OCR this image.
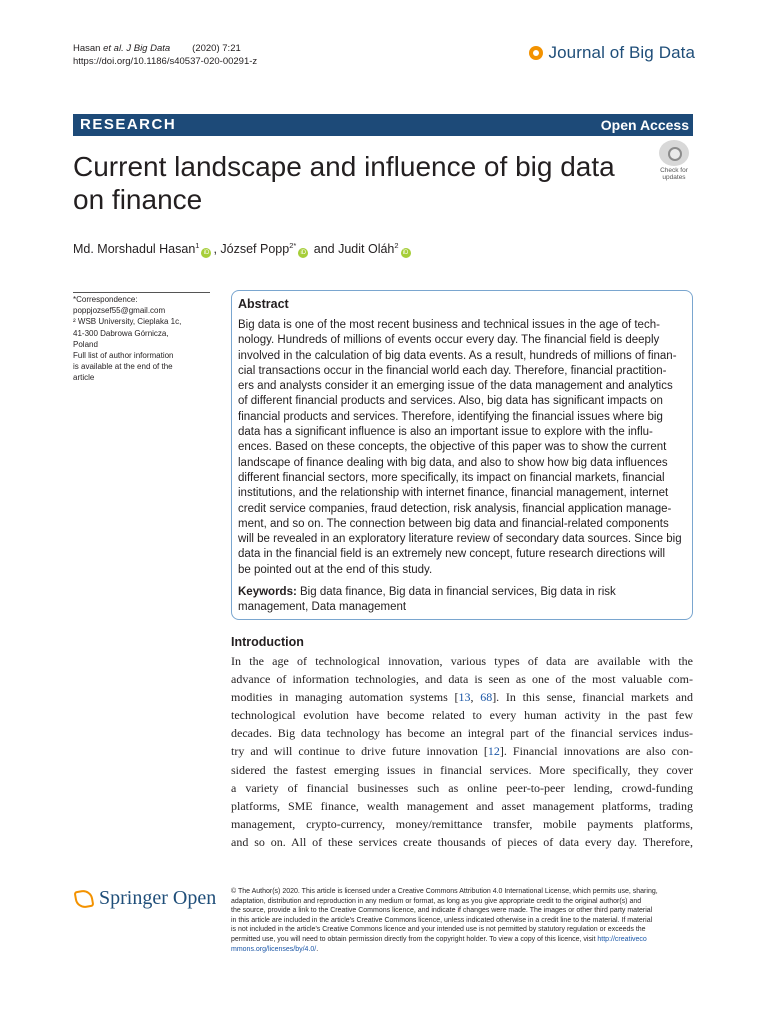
Hasan et al. J Big Data (2020) 7:21
https://doi.org/10.1186/s40537-020-00291-z	Journal of Big Data
RESEARCH	Open Access
Current landscape and influence of big data
on finance
Check for
updates
Md. Morshadul Hasan$^1$iD , József Popp$^{2*}$iD and Judit Oláh$^2$iD

*Correspondence:

poppjozsef55@gmail.com

² WSB University, Cieplaka 1c,

41-300 Dabrowa Górnicza,

Poland

Full list of author information

is available at the end of the

article

Abstract
Big data is one of the most recent business and technical issues in the age of tech-
nology. Hundreds of millions of events occur every day. The financial field is deeply
involved in the calculation of big data events. As a result, hundreds of millions of finan-
cial transactions occur in the financial world each day. Therefore, financial practition-
ers and analysts consider it an emerging issue of the data management and analytics
of different financial products and services. Also, big data has significant impacts on
financial products and services. Therefore, identifying the financial issues where big
data has a significant influence is also an important issue to explore with the influ-
ences. Based on these concepts, the objective of this paper was to show the current
landscape of finance dealing with big data, and also to show how big data influences
different financial sectors, more specifically, its impact on financial markets, financial
institutions, and the relationship with internet finance, financial management, internet
credit service companies, fraud detection, risk analysis, financial application manage-
ment, and so on. The connection between big data and financial-related components
will be revealed in an exploratory literature review of secondary data sources. Since big
data in the financial field is an extremely new concept, future research directions will
be pointed out at the end of this study.
Keywords: Big data finance, Big data in financial services, Big data in risk
management, Data management
Introduction
In the age of technological innovation, various types of data are available with the
advance of information technologies, and data is seen as one of the most valuable com-
modities in managing automation systems [13, 68]. In this sense, financial markets and
technological evolution have become related to every human activity in the past few
decades. Big data technology has become an integral part of the financial services indus-
try and will continue to drive future innovation [12]. Financial innovations are also con-
sidered the fastest emerging issues in financial services. More specifically, they cover
a variety of financial businesses such as online peer-to-peer lending, crowd-funding
platforms, SME finance, wealth management and asset management platforms, trading
management, crypto-currency, money/remittance transfer, mobile payments platforms,
and so on. All of these services create thousands of pieces of data every day. Therefore,
Springer Open © The Author(s) 2020. This article is licensed under a Creative Commons Attribution 4.0 International License, which permits use, sharing,
adaptation, distribution and reproduction in any medium or format, as long as you give appropriate credit to the original author(s) and
the source, provide a link to the Creative Commons licence, and indicate if changes were made. The images or other third party material
in this article are included in the article's Creative Commons licence, unless indicated otherwise in a credit line to the material. If material
is not included in the article's Creative Commons licence and your intended use is not permitted by statutory regulation or exceeds the
permitted use, you will need to obtain permission directly from the copyright holder. To view a copy of this licence, visit http://creativeco
mmons.org/licenses/by/4.0/.
